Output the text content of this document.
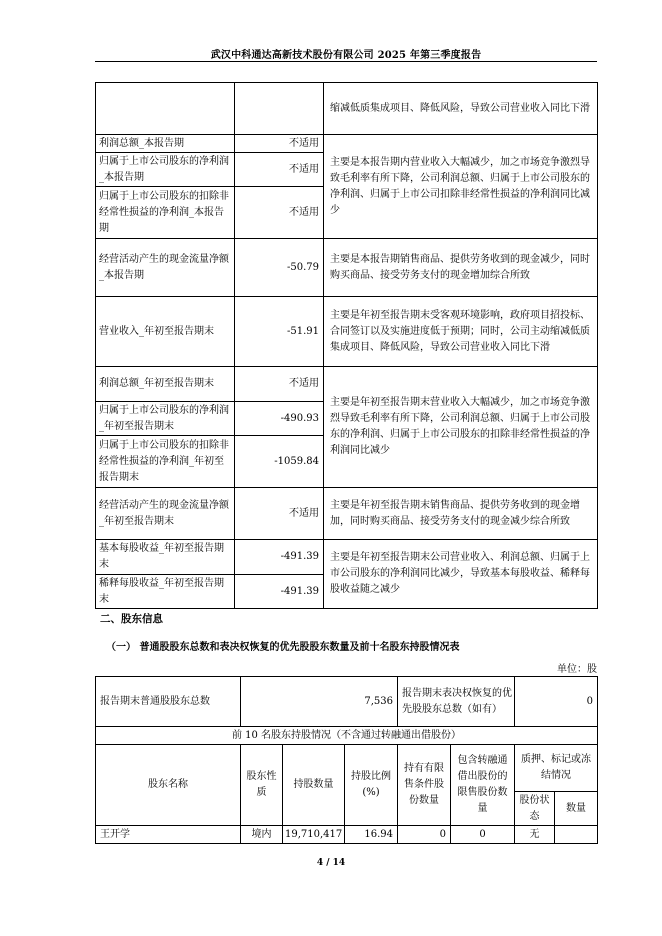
武汉中科通达高新技术股份有限公司 2025 年第三季度报告
		缩减低质集成项目、降低风险，导致公司营业收入同比下滑
利润总额_本报告期	不适用	主要是本报告期内营业收入大幅减少，加之市场竞争激烈导致毛利率有所下降，公司利润总额、归属于上市公司股东的净利润、归属于上市公司扣除非经常性损益的净利润同比减少
归属于上市公司股东的净利润_本报告期	不适用	
归属于上市公司股东的扣除非经常性损益的净利润_本报告期	不适用	
经营活动产生的现金流量净额_本报告期	-50.79	主要是本报告期销售商品、提供劳务收到的现金减少，同时购买商品、接受劳务支付的现金增加综合所致
营业收入_年初至报告期末	-51.91	主要是年初至报告期末受客观环境影响，政府项目招投标、合同签订以及实施进度低于预期；同时，公司主动缩减低质集成项目、降低风险，导致公司营业收入同比下滑
利润总额_年初至报告期末	不适用	主要是年初至报告期末营业收入大幅减少，加之市场竞争激烈导致毛利率有所下降，公司利润总额、归属于上市公司股东的净利润、归属于上市公司股东的扣除非经常性损益的净利润同比减少
归属于上市公司股东的净利润_年初至报告期末	-490.93	
归属于上市公司股东的扣除非经常性损益的净利润_年初至报告期末	-1059.84	
经营活动产生的现金流量净额_年初至报告期末	不适用	主要是年初至报告期末销售商品、提供劳务收到的现金增加，同时购买商品、接受劳务支付的现金减少综合所致
基本每股收益_年初至报告期末	-491.39	主要是年初至报告期末公司营业收入、利润总额、归属于上市公司股东的净利润同比减少，导致基本每股收益、稀释每股收益随之减少
稀释每股收益_年初至报告期末	-491.39	
二、股东信息
（一） 普通股股东总数和表决权恢复的优先股股东数量及前十名股东持股情况表
单位：股
报告期末普通股股东总数	7,536			报告期末表决权恢复的优先股股东总数（如有）		0	
前 10 名股东持股情况（不含通过转融通出借股份）							
股东名称	股东性质	持股数量	持股比例(%)	持有有限售条件股份数量	包含转融通借出股份的限售股份数量	质押、标记或冻结情况	
						股份状态	数量
王开学	境内	19,710,417	16.94	0	0	无	
4 / 14
